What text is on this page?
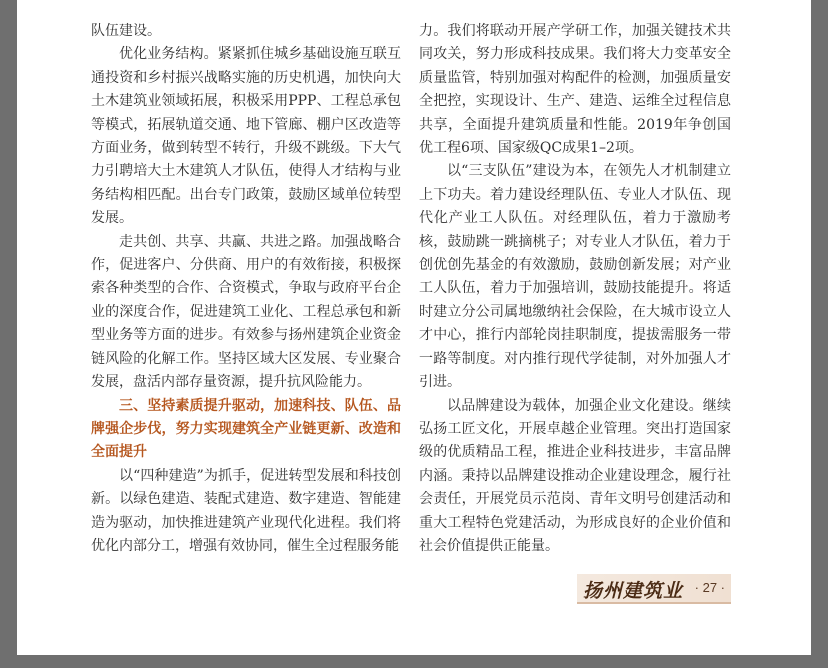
队伍建设。

优化业务结构。紧紧抓住城乡基础设施互联互通投资和乡村振兴战略实施的历史机遇，加快向大土木建筑业领域拓展，积极采用PPP、工程总承包等模式，拓展轨道交通、地下管廊、棚户区改造等方面业务，做到转型不转行，升级不跳级。下大气力引聘培大土木建筑人才队伍，使得人才结构与业务结构相匹配。出台专门政策，鼓励区域单位转型发展。

走共创、共享、共赢、共进之路。加强战略合作，促进客户、分供商、用户的有效衔接，积极探索各种类型的合作、合资模式，争取与政府平台企业的深度合作，促进建筑工业化、工程总承包和新型业务等方面的进步。有效参与扬州建筑企业资金链风险的化解工作。坚持区域大区发展、专业聚合发展，盘活内部存量资源，提升抗风险能力。

三、坚持素质提升驱动，加速科技、队伍、品牌强企步伐，努力实现建筑全产业链更新、改造和全面提升

以“四种建造”为抓手，促进转型发展和科技创新。以绿色建造、装配式建造、数字建造、智能建造为驱动，加快推进建筑产业现代化进程。我们将优化内部分工，增强有效协同，催生全过程服务能

力。我们将联动开展产学研工作，加强关键技术共同攻关，努力形成科技成果。我们将大力变革安全质量监管，特别加强对构配件的检测，加强质量安全把控，实现设计、生产、建造、运维全过程信息共享，全面提升建筑质量和性能。2019年争创国优工程6项、国家级QC成果1–2项。

以“三支队伍”建设为本，在领先人才机制建立上下功夫。着力建设经理队伍、专业人才队伍、现代化产业工人队伍。对经理队伍，着力于激励考核，鼓励跳一跳摘桃子；对专业人才队伍，着力于创优创先基金的有效激励，鼓励创新发展；对产业工人队伍，着力于加强培训，鼓励技能提升。将适时建立分公司属地缴纳社会保险，在大城市设立人才中心，推行内部轮岗挂职制度，提拔需服务一带一路等制度。对内推行现代学徒制，对外加强人才引进。

以品牌建设为载体，加强企业文化建设。继续弘扬工匠文化，开展卓越企业管理。突出打造国家级的优质精品工程，推进企业科技进步，丰富品牌内涵。秉持以品牌建设推动企业建设理念，履行社会责任，开展党员示范岗、青年文明号创建活动和重大工程特色党建活动，为形成良好的企业价值和社会价值提供正能量。

扬州建筑业 · 27 ·
